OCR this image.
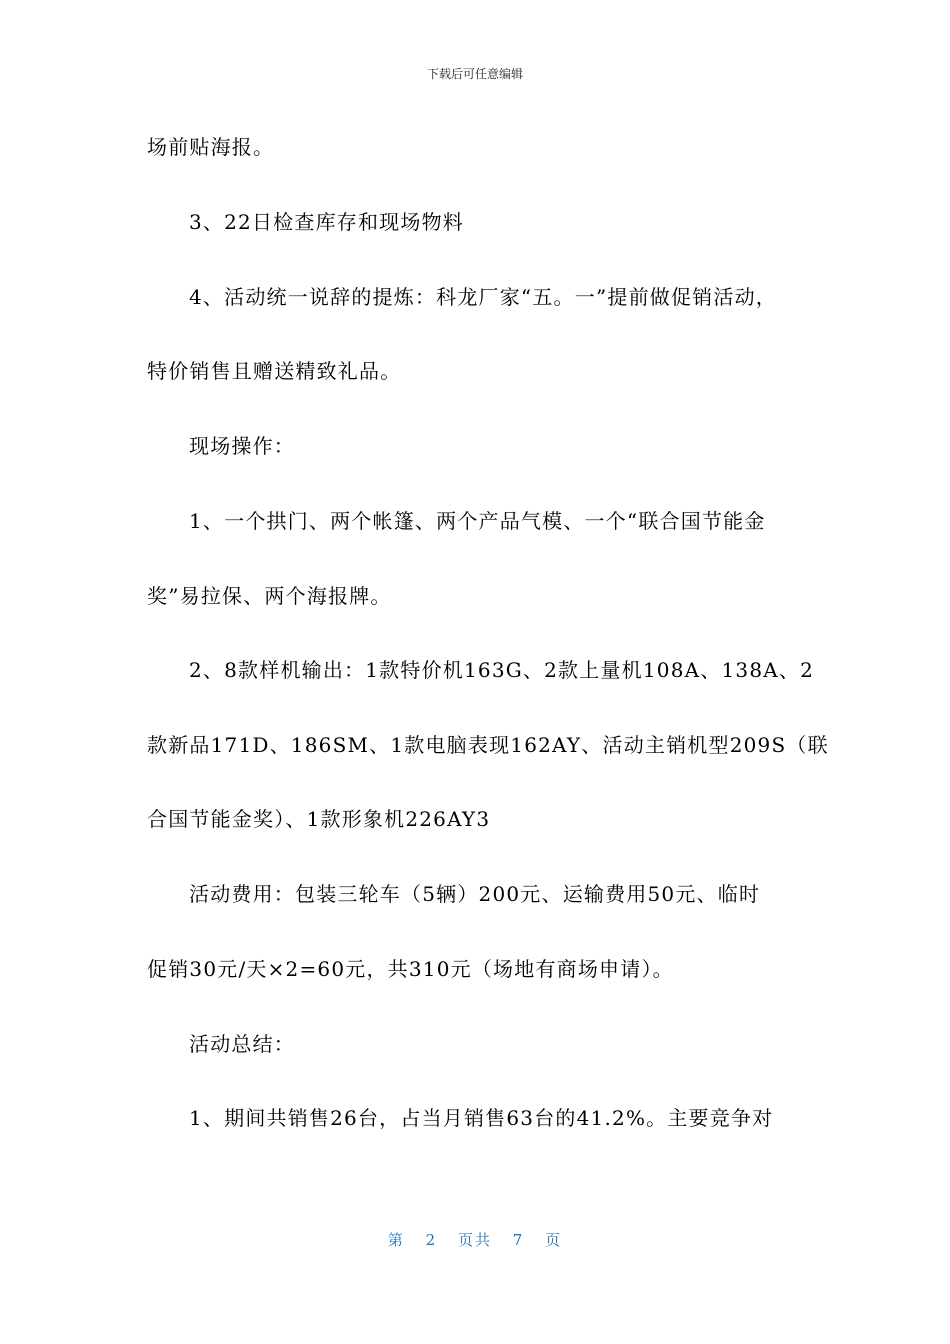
下载后可任意编辑
场前贴海报。
3、22日检查库存和现场物料
4、活动统一说辞的提炼：科龙厂家“五。一”提前做促销活动，
特价销售且赠送精致礼品。
现场操作：
1、一个拱门、两个帐篷、两个产品气模、一个“联合国节能金
奖”易拉保、两个海报牌。
2、8款样机输出：1款特价机163G、2款上量机108A、138A、2
款新品171D、186SM、1款电脑表现162AY、活动主销机型209S（联
合国节能金奖）、1款形象机226AY3
活动费用：包装三轮车（5辆）200元、运输费用50元、临时
促销30元/天×2=60元，共310元（场地有商场申请）。
活动总结：
1、期间共销售26台，占当月销售63台的41.2%。主要竞争对
第 2 页共 7 页
